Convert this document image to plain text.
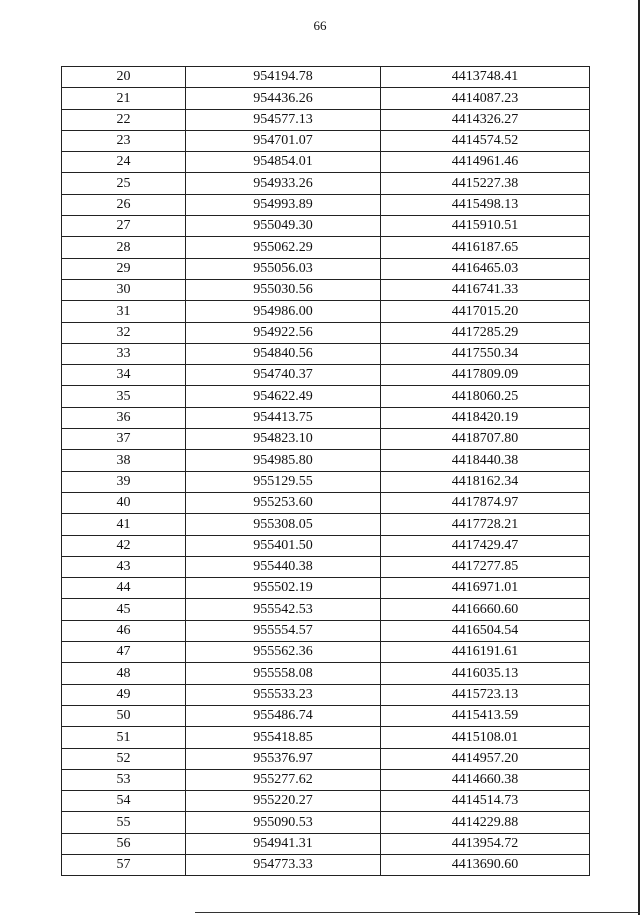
66
20	954194.78	4413748.41
21	954436.26	4414087.23
22	954577.13	4414326.27
23	954701.07	4414574.52
24	954854.01	4414961.46
25	954933.26	4415227.38
26	954993.89	4415498.13
27	955049.30	4415910.51
28	955062.29	4416187.65
29	955056.03	4416465.03
30	955030.56	4416741.33
31	954986.00	4417015.20
32	954922.56	4417285.29
33	954840.56	4417550.34
34	954740.37	4417809.09
35	954622.49	4418060.25
36	954413.75	4418420.19
37	954823.10	4418707.80
38	954985.80	4418440.38
39	955129.55	4418162.34
40	955253.60	4417874.97
41	955308.05	4417728.21
42	955401.50	4417429.47
43	955440.38	4417277.85
44	955502.19	4416971.01
45	955542.53	4416660.60
46	955554.57	4416504.54
47	955562.36	4416191.61
48	955558.08	4416035.13
49	955533.23	4415723.13
50	955486.74	4415413.59
51	955418.85	4415108.01
52	955376.97	4414957.20
53	955277.62	4414660.38
54	955220.27	4414514.73
55	955090.53	4414229.88
56	954941.31	4413954.72
57	954773.33	4413690.60
